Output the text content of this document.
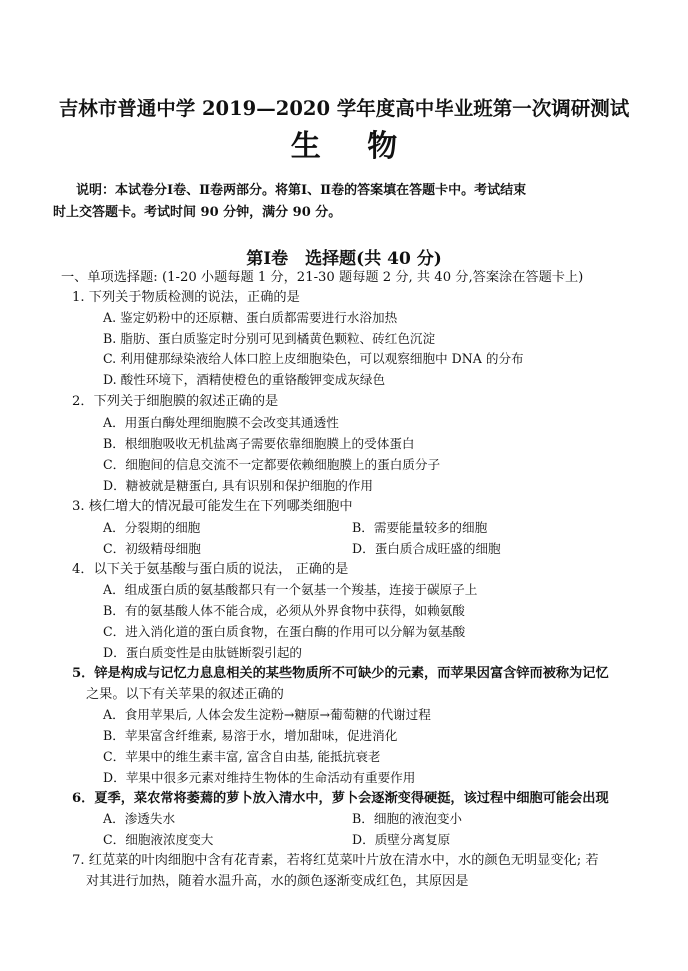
吉林市普通中学 2019—2020 学年度高中毕业班第一次调研测试
生 物
说明：本试卷分Ⅰ卷、Ⅱ卷两部分。将第Ⅰ、Ⅱ卷的答案填在答题卡中。考试结束
时上交答题卡。考试时间 90 分钟，满分 90 分。
第Ⅰ卷　选择题(共 40 分)
一、单项选择题: (1-20 小题每题 1 分，21-30 题每题 2 分, 共 40 分,答案涂在答题卡上)
1. 下列关于物质检测的说法，正确的是
A. 鉴定奶粉中的还原糖、蛋白质都需要进行水浴加热
B. 脂肪、蛋白质鉴定时分别可见到橘黄色颗粒、砖红色沉淀
C. 利用健那绿染液给人体口腔上皮细胞染色，可以观察细胞中 DNA 的分布
D. 酸性环境下，酒精使橙色的重铬酸钾变成灰绿色
2．下列关于细胞膜的叙述正确的是
A．用蛋白酶处理细胞膜不会改变其通透性
B．根细胞吸收无机盐离子需要依靠细胞膜上的受体蛋白
C．细胞间的信息交流不一定都要依赖细胞膜上的蛋白质分子
D．糖被就是糖蛋白, 具有识别和保护细胞的作用
3. 核仁增大的情况最可能发生在下列哪类细胞中
A．分裂期的细胞	B．需要能量较多的细胞
C．初级精母细胞	D．蛋白质合成旺盛的细胞
4．以下关于氨基酸与蛋白质的说法， 正确的是
A．组成蛋白质的氨基酸都只有一个氨基一个羧基，连接于碳原子上
B．有的氨基酸人体不能合成，必须从外界食物中获得，如赖氨酸
C．进入消化道的蛋白质食物，在蛋白酶的作用可以分解为氨基酸
D．蛋白质变性是由肽链断裂引起的
5．锌是构成与记忆力息息相关的某些物质所不可缺少的元素，而苹果因富含锌而被称为记忆
之果。以下有关苹果的叙述正确的
A．食用苹果后, 人体会发生淀粉→糖原→葡萄糖的代谢过程
B．苹果富含纤维素, 易溶于水，增加甜味，促进消化
C．苹果中的维生素丰富, 富含自由基, 能抵抗衰老
D．苹果中很多元素对维持生物体的生命活动有重要作用
6．夏季，菜农常将萎蔫的萝卜放入清水中，萝卜会逐渐变得硬挺，该过程中细胞可能会出现
A．渗透失水	B．细胞的液泡变小
C．细胞液浓度变大	D．质壁分离复原
7. 红苋菜的叶肉细胞中含有花青素，若将红苋菜叶片放在清水中，水的颜色无明显变化; 若
对其进行加热，随着水温升高，水的颜色逐渐变成红色，其原因是
